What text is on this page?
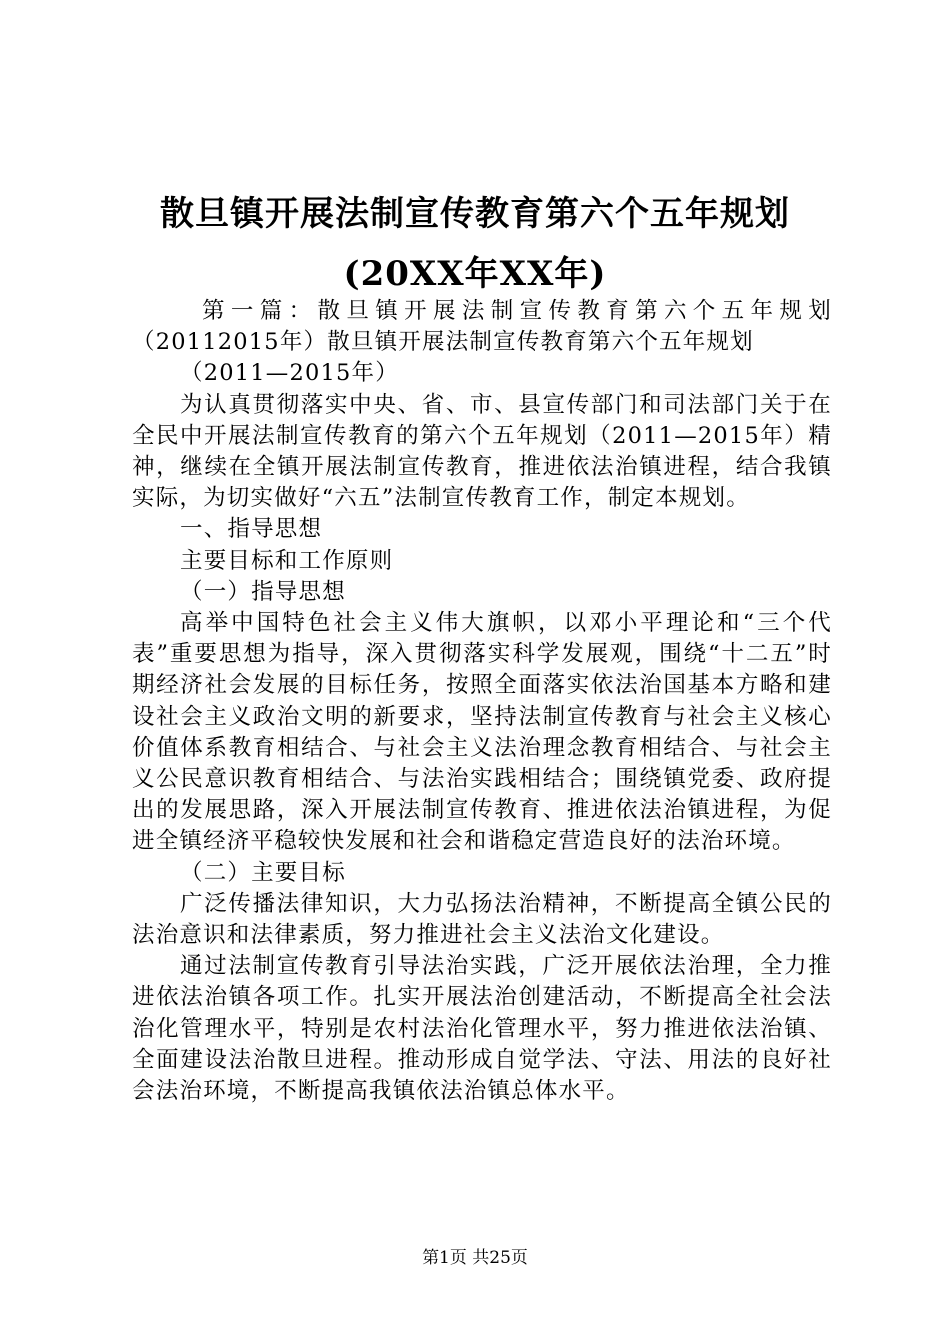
散旦镇开展法制宣传教育第六个五年规划
(20XX年XX年)

第一篇：散旦镇开展法制宣传教育第六个五年规划（20112015年）散旦镇开展法制宣传教育第六个五年规划

（2011—2015年）

为认真贯彻落实中央、省、市、县宣传部门和司法部门关于在全民中开展法制宣传教育的第六个五年规划（2011—2015年）精神，继续在全镇开展法制宣传教育，推进依法治镇进程，结合我镇实际，为切实做好“六五”法制宣传教育工作，制定本规划。

一、指导思想

主要目标和工作原则

（一）指导思想

高举中国特色社会主义伟大旗帜，以邓小平理论和“三个代表”重要思想为指导，深入贯彻落实科学发展观，围绕“十二五”时期经济社会发展的目标任务，按照全面落实依法治国基本方略和建设社会主义政治文明的新要求，坚持法制宣传教育与社会主义核心价值体系教育相结合、与社会主义法治理念教育相结合、与社会主义公民意识教育相结合、与法治实践相结合；围绕镇党委、政府提出的发展思路，深入开展法制宣传教育、推进依法治镇进程，为促进全镇经济平稳较快发展和社会和谐稳定营造良好的法治环境。

（二）主要目标

广泛传播法律知识，大力弘扬法治精神，不断提高全镇公民的法治意识和法律素质，努力推进社会主义法治文化建设。

通过法制宣传教育引导法治实践，广泛开展依法治理，全力推进依法治镇各项工作。扎实开展法治创建活动，不断提高全社会法治化管理水平，特别是农村法治化管理水平，努力推进依法治镇、全面建设法治散旦进程。推动形成自觉学法、守法、用法的良好社会法治环境，不断提高我镇依法治镇总体水平。

第1页 共25页
